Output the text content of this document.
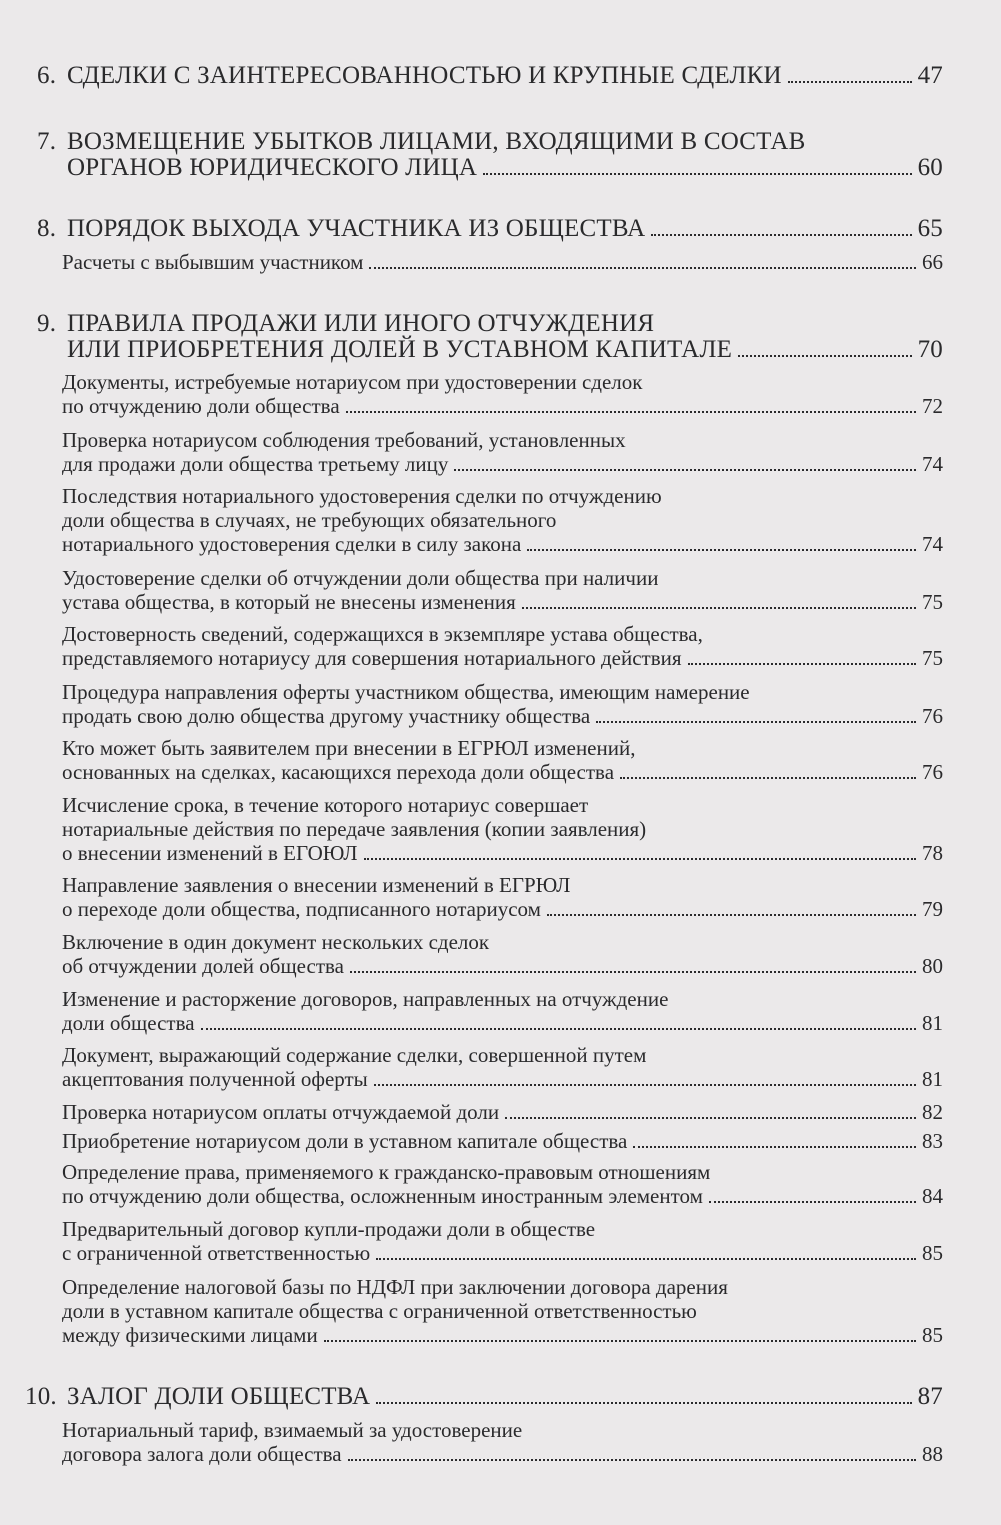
6. СДЕЛКИ С ЗАИНТЕРЕСОВАННОСТЬЮ И КРУПНЫЕ СДЕЛКИ	47
7. ВОЗМЕЩЕНИЕ УБЫТКОВ ЛИЦАМИ, ВХОДЯЩИМИ В СОСТАВ
ОРГАНОВ ЮРИДИЧЕСКОГО ЛИЦА	60
8. ПОРЯДОК ВЫХОДА УЧАСТНИКА ИЗ ОБЩЕСТВА	65
Расчеты с выбывшим участником	66
9. ПРАВИЛА ПРОДАЖИ ИЛИ ИНОГО ОТЧУЖДЕНИЯ
ИЛИ ПРИОБРЕТЕНИЯ ДОЛЕЙ В УСТАВНОМ КАПИТАЛЕ	70
Документы, истребуемые нотариусом при удостоверении сделок
по отчуждению доли общества	72
Проверка нотариусом соблюдения требований, установленных
для продажи доли общества третьему лицу	74
Последствия нотариального удостоверения сделки по отчуждению
доли общества в случаях, не требующих обязательного
нотариального удостоверения сделки в силу закона	74
Удостоверение сделки об отчуждении доли общества при наличии
устава общества, в который не внесены изменения	75
Достоверность сведений, содержащихся в экземпляре устава общества,
представляемого нотариусу для совершения нотариального действия	75
Процедура направления оферты участником общества, имеющим намерение
продать свою долю общества другому участнику общества	76
Кто может быть заявителем при внесении в ЕГРЮЛ изменений,
основанных на сделках, касающихся перехода доли общества	76
Исчисление срока, в течение которого нотариус совершает
нотариальные действия по передаче заявления (копии заявления)
о внесении изменений в ЕГОЮЛ	78
Направление заявления о внесении изменений в ЕГРЮЛ
о переходе доли общества, подписанного нотариусом	79
Включение в один документ нескольких сделок
об отчуждении долей общества	80
Изменение и расторжение договоров, направленных на отчуждение
доли общества	81
Документ, выражающий содержание сделки, совершенной путем
акцептования полученной оферты	81
Проверка нотариусом оплаты отчуждаемой доли	82
Приобретение нотариусом доли в уставном капитале общества	83
Определение права, применяемого к гражданско-правовым отношениям
по отчуждению доли общества, осложненным иностранным элементом	84
Предварительный договор купли-продажи доли в обществе
с ограниченной ответственностью	85
Определение налоговой базы по НДФЛ при заключении договора дарения
доли в уставном капитале общества с ограниченной ответственностью
между физическими лицами	85
10. ЗАЛОГ ДОЛИ ОБЩЕСТВА	87
Нотариальный тариф, взимаемый за удостоверение
договора залога доли общества	88
